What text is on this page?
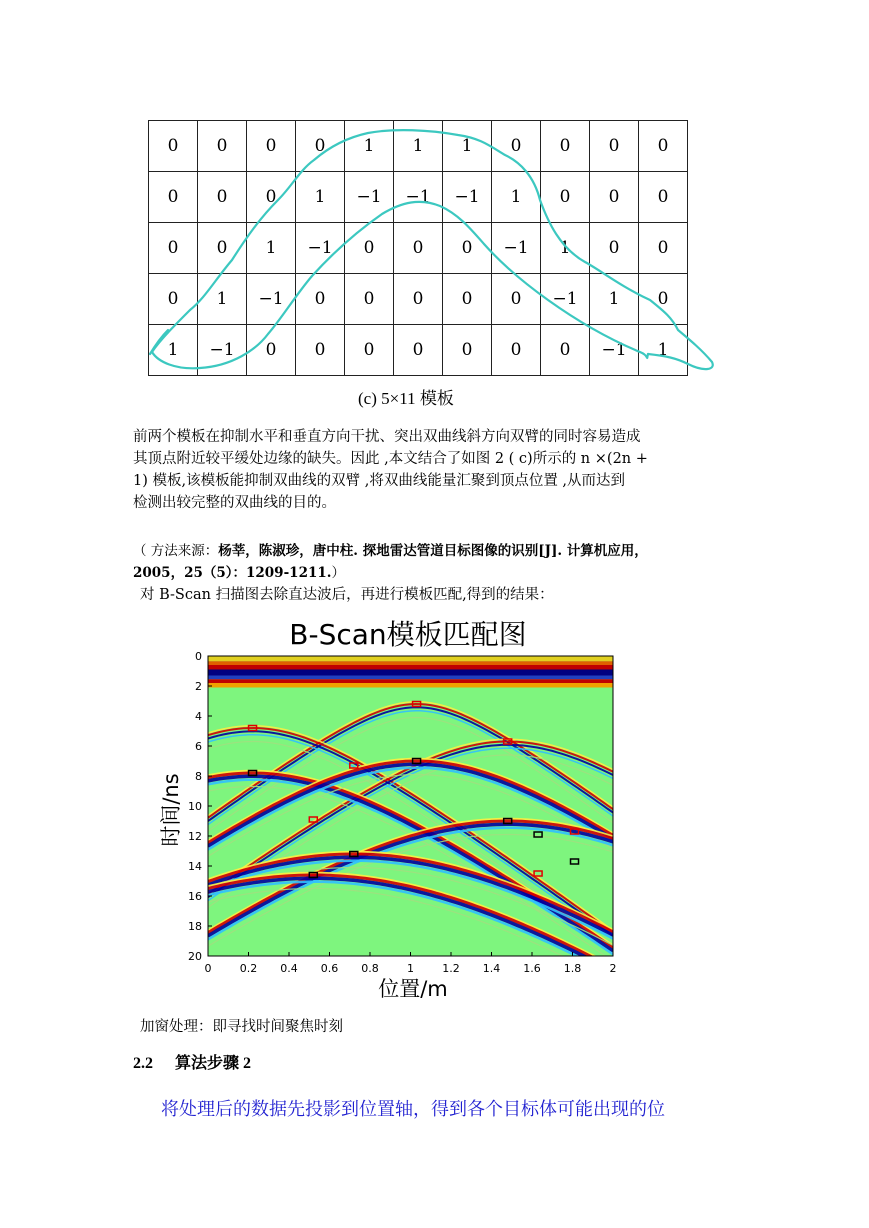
0	0	0	0	1	1	1	0	0	0	0
0	0	0	1	−1	−1	−1	1	0	0	0
0	0	1	−1	0	0	0	−1	1	0	0
0	1	−1	0	0	0	0	0	−1	1	0
1	−1	0	0	0	0	0	0	0	−1	1
(c) 5×11 模板
前两个模板在抑制水平和垂直方向干扰、突出双曲线斜方向双臂的同时容易造成
其顶点附近较平缓处边缘的缺失。因此 ,本文结合了如图 2 ( c)所示的 n ×(2n +
1) 模板,该模板能抑制双曲线的双臂 ,将双曲线能量汇聚到顶点位置 ,从而达到
检测出较完整的双曲线的目的。
（ 方法来源：杨莘，陈淑珍，唐中柱. 探地雷达管道目标图像的识别[J]. 计算机应用，
2005，25（5）：1209-1211.）
对 B-Scan 扫描图去除直达波后，再进行模板匹配,得到的结果：
B-Scan模板匹配图
0	0.2 0.4 0.6 0.8	1	1.2 1.4 1.6 1.8	2
0
2
4
6
8
10
12
14
16
18
20
位置/m
时间/ns
加窗处理：即寻找时间聚焦时刻
2.2 算法步骤 2
将处理后的数据先投影到位置轴，得到各个目标体可能出现的位
